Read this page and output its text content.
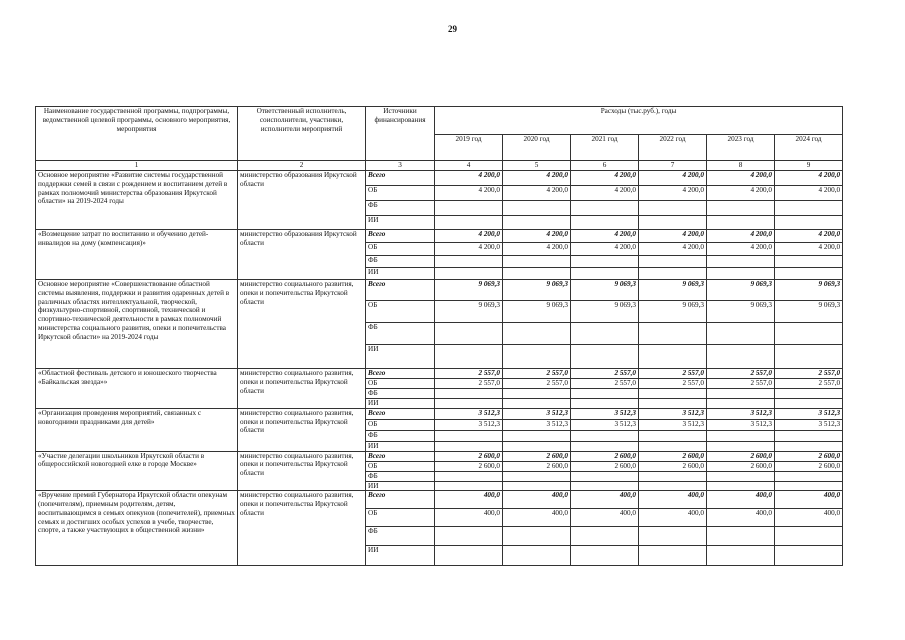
29
Наименование государственной программы, подпрограммы, ведомственной целевой программы, основного мероприятия, мероприятия	Ответственный исполнитель, соисполнители, участники, исполнители мероприятий	Источники финансирования	Расходы (тыс.руб.), годы					
			2019 год	2020 год	2021 год	2022 год	2023 год	2024 год
1	2	3	4	5	6	7	8	9
Основное мероприятие «Развитие системы государственной поддержки семей в связи с рождением и воспитанием детей в рамках полномочий министерства образования Иркутской области» на 2019-2024 годы	министерство образования Иркутской области	Всего	4 200,0	4 200,0	4 200,0	4 200,0	4 200,0	4 200,0
		ОБ	4 200,0	4 200,0	4 200,0	4 200,0	4 200,0	4 200,0
		ФБ						
		ИИ						
«Возмещение затрат по воспитанию и обучению детей-инвалидов на дому (компенсация)»	министерство образования Иркутской области	Всего	4 200,0	4 200,0	4 200,0	4 200,0	4 200,0	4 200,0
		ОБ	4 200,0	4 200,0	4 200,0	4 200,0	4 200,0	4 200,0
		ФБ						
		ИИ						
Основное мероприятие «Совершенствование областной системы выявления, поддержки и развития одаренных детей в различных областях интеллектуальной, творческой, физкультурно-спортивной, спортивной, технической и спортивно-технической деятельности в рамках полномочий министерства социального развития, опеки и попечительства Иркутской области» на 2019-2024 годы	министерство социального развития, опеки и попечительства Иркутской области	Всего	9 069,3	9 069,3	9 069,3	9 069,3	9 069,3	9 069,3
		ОБ	9 069,3	9 069,3	9 069,3	9 069,3	9 069,3	9 069,3
		ФБ						
		ИИ						
«Областной фестиваль детского и юношеского творчества «Байкальская звезда»»	министерство социального развития, опеки и попечительства Иркутской области	Всего	2 557,0	2 557,0	2 557,0	2 557,0	2 557,0	2 557,0
		ОБ	2 557,0	2 557,0	2 557,0	2 557,0	2 557,0	2 557,0
		ФБ						
		ИИ						
«Организация проведения мероприятий, связанных с новогодними праздниками для детей»	министерство социального развития, опеки и попечительства Иркутской области	Всего	3 512,3	3 512,3	3 512,3	3 512,3	3 512,3	3 512,3
		ОБ	3 512,3	3 512,3	3 512,3	3 512,3	3 512,3	3 512,3
		ФБ						
		ИИ						
«Участие делегации школьников Иркутской области в общероссийской новогодней елке в городе Москве»	министерство социального развития, опеки и попечительства Иркутской области	Всего	2 600,0	2 600,0	2 600,0	2 600,0	2 600,0	2 600,0
		ОБ	2 600,0	2 600,0	2 600,0	2 600,0	2 600,0	2 600,0
		ФБ						
		ИИ						
«Вручение премий Губернатора Иркутской области опекунам (попечителям), приемным родителям, детям, воспитывающимся в семьях опекунов (попечителей), приемных семьях и достигших особых успехов в учебе, творчестве, спорте, а также участвующих в общественной жизни»	министерство социального развития, опеки и попечительства Иркутской области	Всего	400,0	400,0	400,0	400,0	400,0	400,0
		ОБ	400,0	400,0	400,0	400,0	400,0	400,0
		ФБ						
		ИИ						
